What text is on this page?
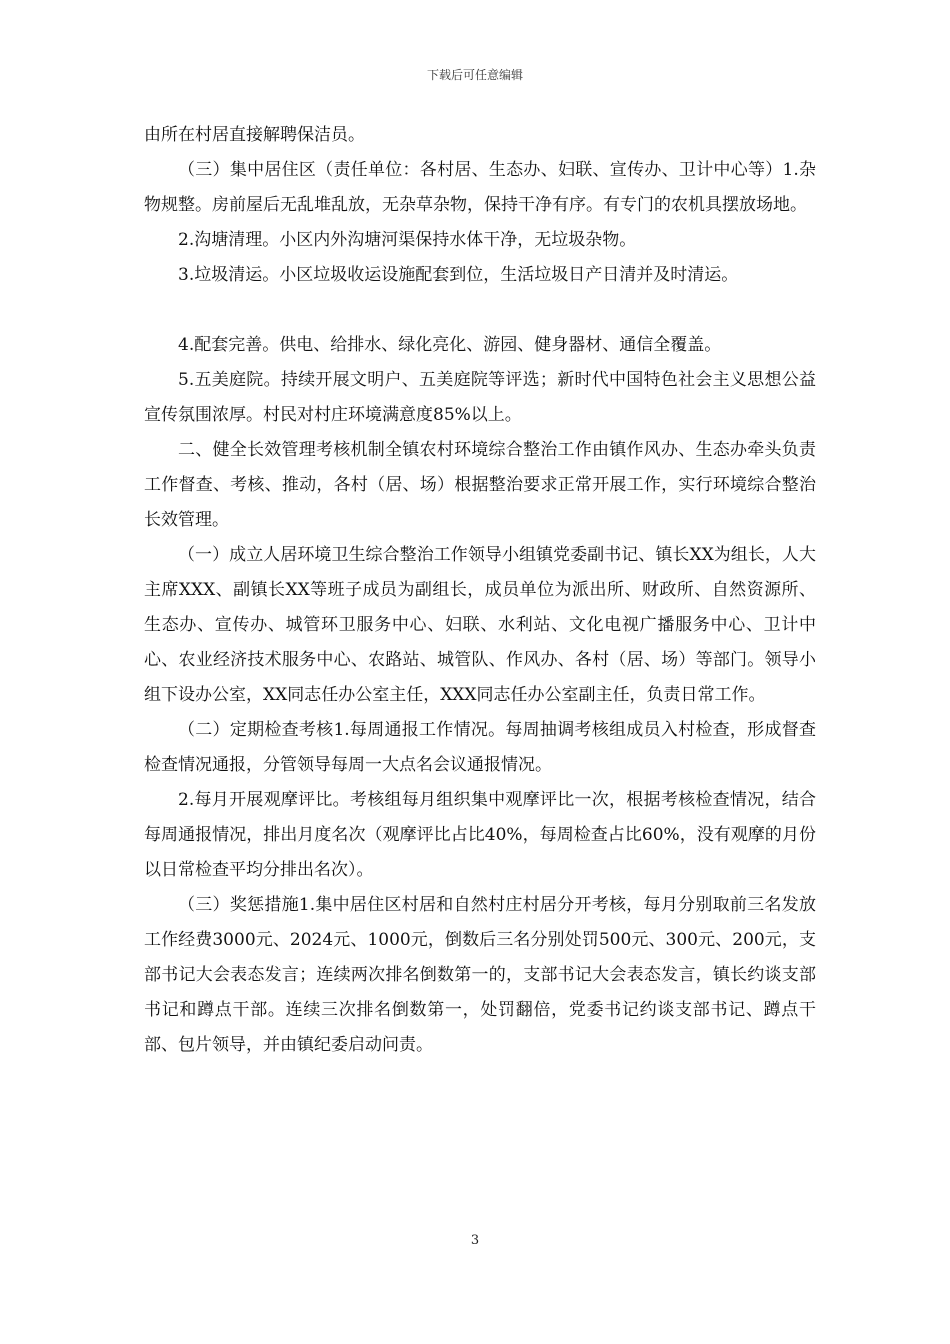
下载后可任意编辑

由所在村居直接解聘保洁员。

（三）集中居住区（责任单位：各村居、生态办、妇联、宣传办、卫计中心等）1.杂物规整。房前屋后无乱堆乱放，无杂草杂物，保持干净有序。有专门的农机具摆放场地。

2.沟塘清理。小区内外沟塘河渠保持水体干净，无垃圾杂物。

3.垃圾清运。小区垃圾收运设施配套到位，生活垃圾日产日清并及时清运。

4.配套完善。供电、给排水、绿化亮化、游园、健身器材、通信全覆盖。

5.五美庭院。持续开展文明户、五美庭院等评选；新时代中国特色社会主义思想公益宣传氛围浓厚。村民对村庄环境满意度85%以上。

二、健全长效管理考核机制全镇农村环境综合整治工作由镇作风办、生态办牵头负责工作督查、考核、推动，各村（居、场）根据整治要求正常开展工作，实行环境综合整治长效管理。

（一）成立人居环境卫生综合整治工作领导小组镇党委副书记、镇长XX为组长，人大主席XXX、副镇长XX等班子成员为副组长，成员单位为派出所、财政所、自然资源所、生态办、宣传办、城管环卫服务中心、妇联、水利站、文化电视广播服务中心、卫计中心、农业经济技术服务中心、农路站、城管队、作风办、各村（居、场）等部门。领导小组下设办公室，XX同志任办公室主任，XXX同志任办公室副主任，负责日常工作。

（二）定期检查考核1.每周通报工作情况。每周抽调考核组成员入村检查，形成督查检查情况通报，分管领导每周一大点名会议通报情况。

2.每月开展观摩评比。考核组每月组织集中观摩评比一次，根据考核检查情况，结合每周通报情况，排出月度名次（观摩评比占比40%，每周检查占比60%，没有观摩的月份以日常检查平均分排出名次）。

（三）奖惩措施1.集中居住区村居和自然村庄村居分开考核，每月分别取前三名发放工作经费3000元、2024元、1000元，倒数后三名分别处罚500元、300元、200元，支部书记大会表态发言；连续两次排名倒数第一的，支部书记大会表态发言，镇长约谈支部书记和蹲点干部。连续三次排名倒数第一，处罚翻倍，党委书记约谈支部书记、蹲点干部、包片领导，并由镇纪委启动问责。

3
